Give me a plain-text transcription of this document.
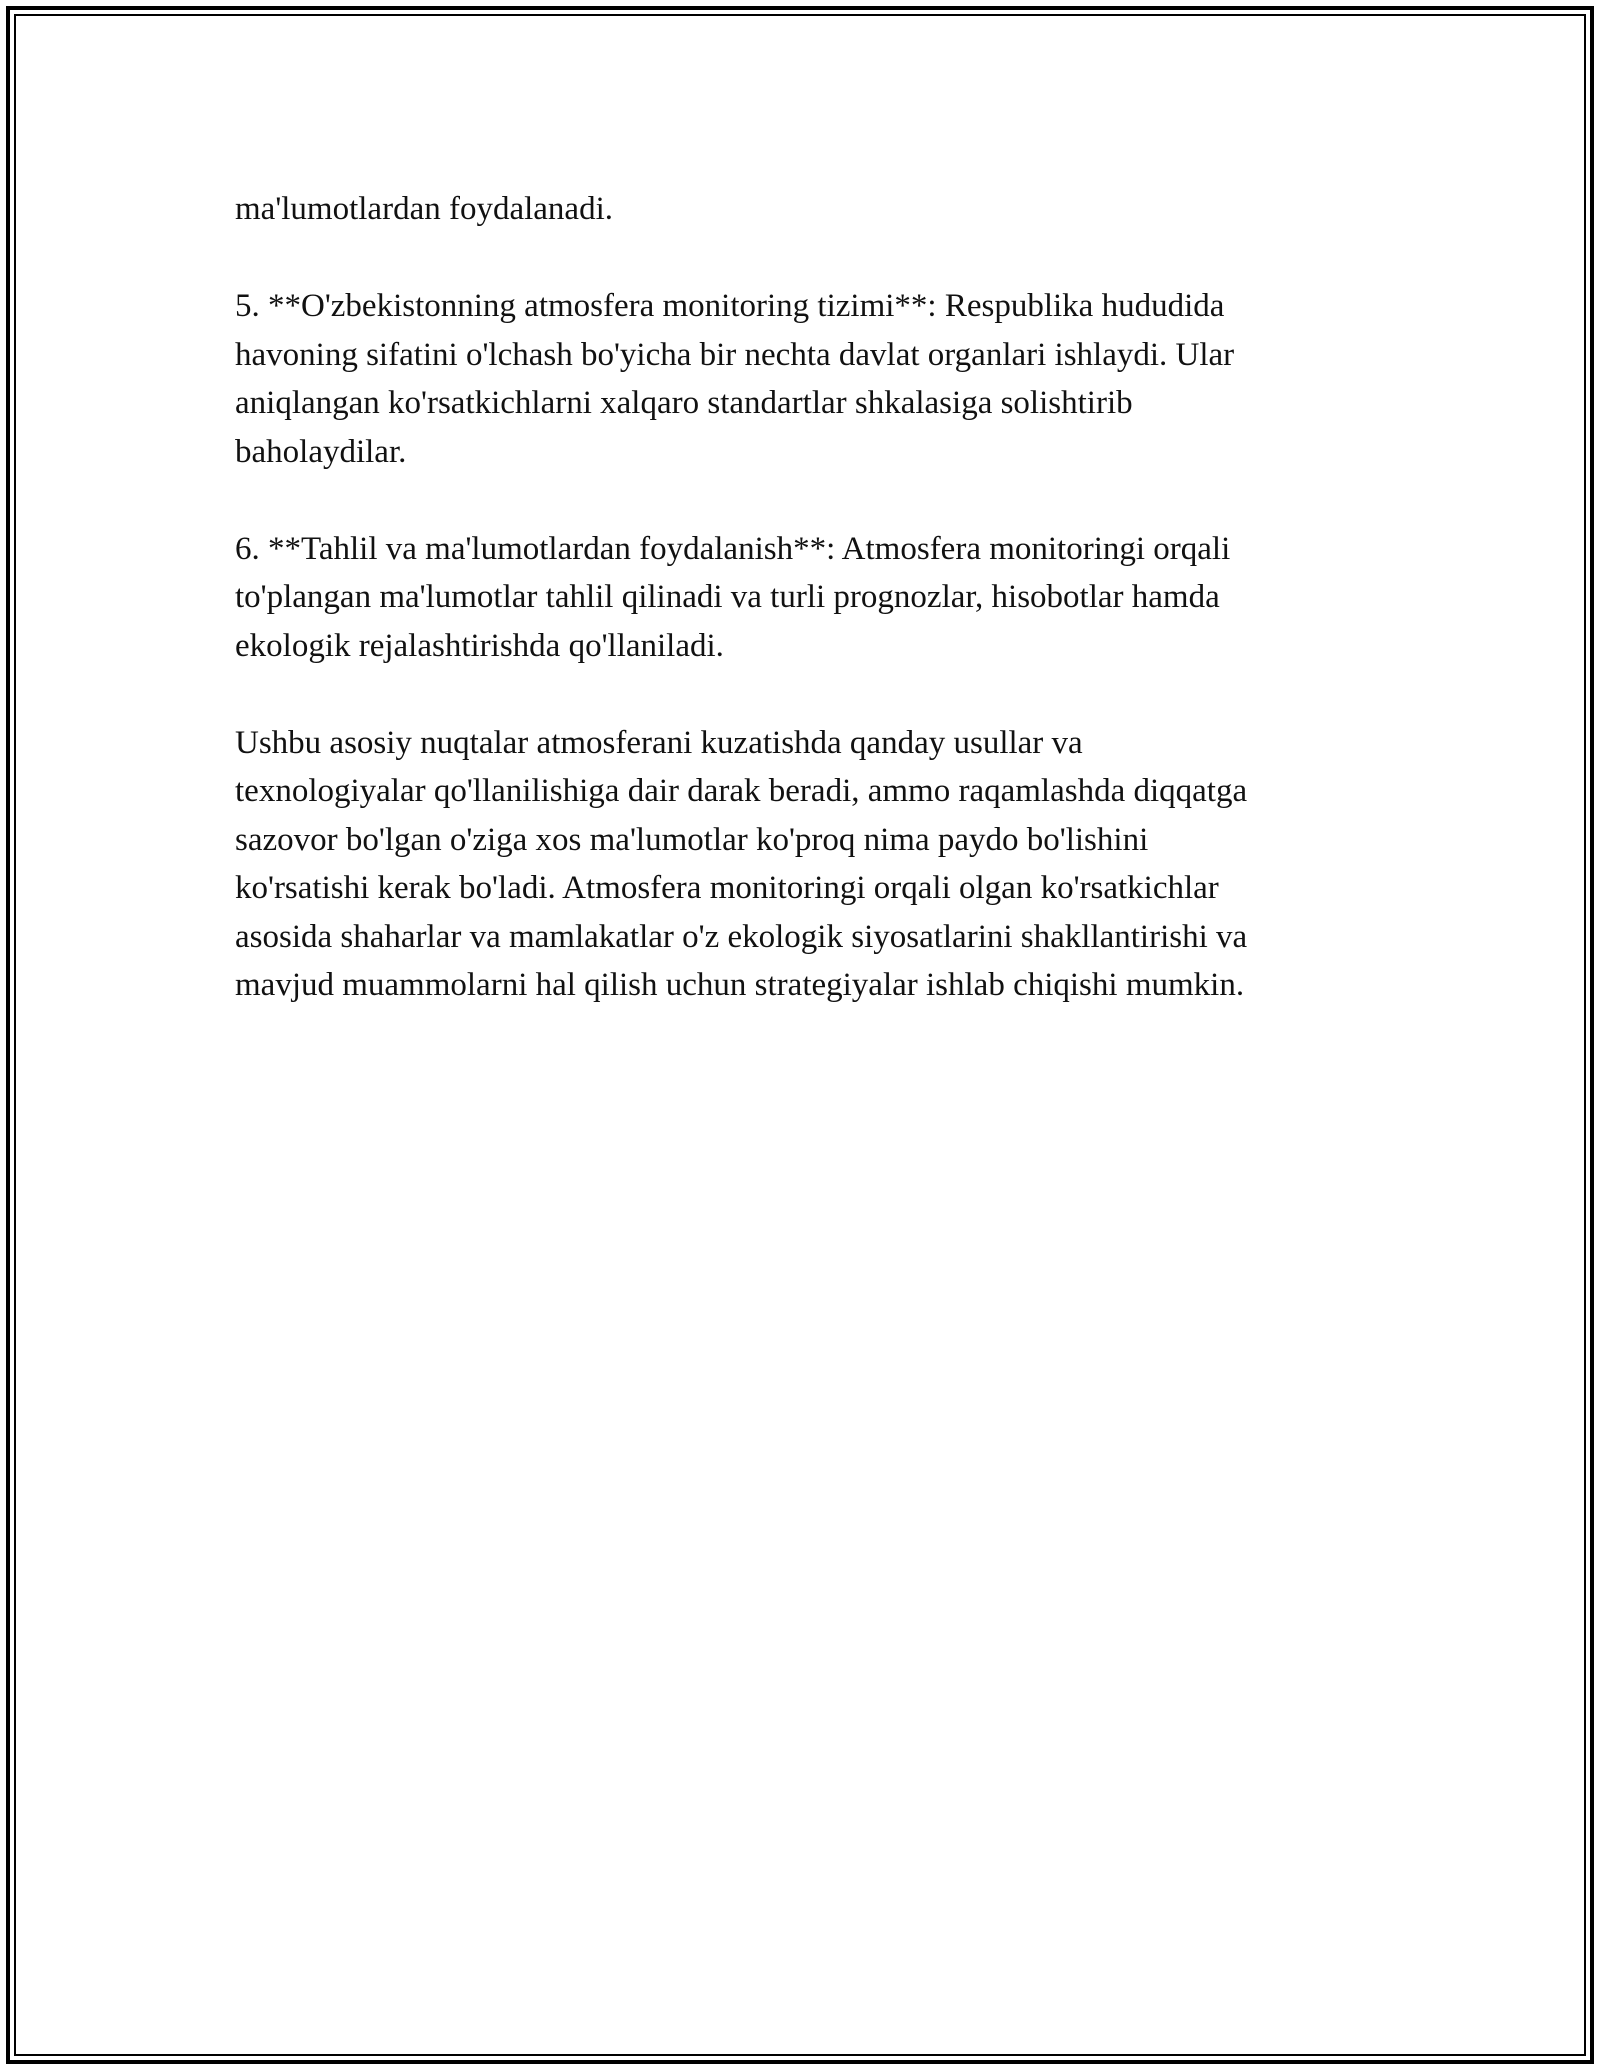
ma'lumotlardan foydalanadi.

5. **O'zbekistonning atmosfera monitoring tizimi**: Respublika hududida
havoning sifatini o'lchash bo'yicha bir nechta davlat organlari ishlaydi. Ular
aniqlangan ko'rsatkichlarni xalqaro standartlar shkalasiga solishtirib
baholaydilar.

6. **Tahlil va ma'lumotlardan foydalanish**: Atmosfera monitoringi orqali
to'plangan ma'lumotlar tahlil qilinadi va turli prognozlar, hisobotlar hamda
ekologik rejalashtirishda qo'llaniladi.

Ushbu asosiy nuqtalar atmosferani kuzatishda qanday usullar va
texnologiyalar qo'llanilishiga dair darak beradi, ammo raqamlashda diqqatga
sazovor bo'lgan o'ziga xos ma'lumotlar ko'proq nima paydo bo'lishini
ko'rsatishi kerak bo'ladi. Atmosfera monitoringi orqali olgan ko'rsatkichlar
asosida shaharlar va mamlakatlar o'z ekologik siyosatlarini shakllantirishi va
mavjud muammolarni hal qilish uchun strategiyalar ishlab chiqishi mumkin.
